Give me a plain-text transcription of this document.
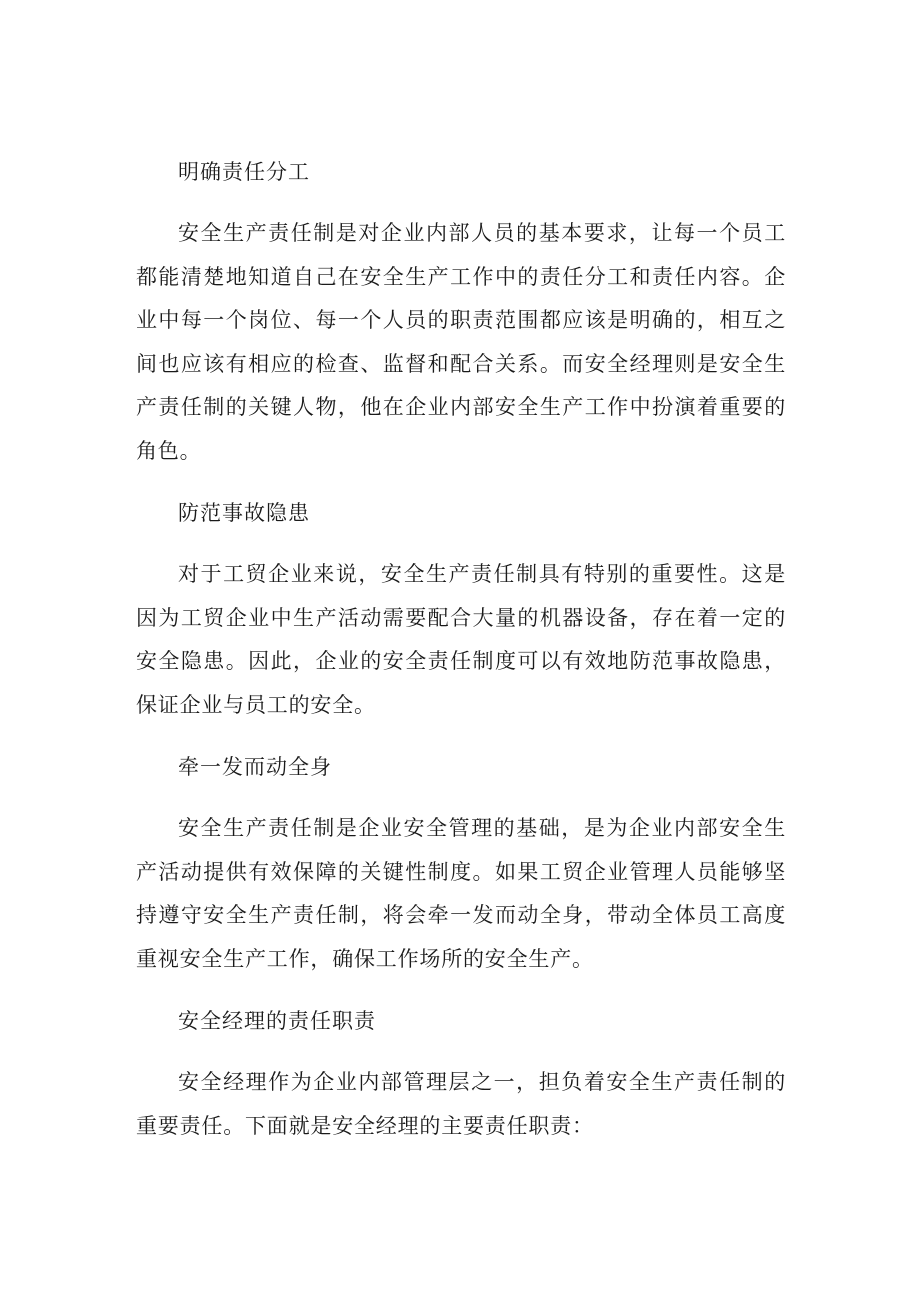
明确责任分工

安全生产责任制是对企业内部人员的基本要求，让每一个员工都能清楚地知道自己在安全生产工作中的责任分工和责任内容。企业中每一个岗位、每一个人员的职责范围都应该是明确的，相互之间也应该有相应的检查、监督和配合关系。而安全经理则是安全生产责任制的关键人物，他在企业内部安全生产工作中扮演着重要的角色。

防范事故隐患

对于工贸企业来说，安全生产责任制具有特别的重要性。这是因为工贸企业中生产活动需要配合大量的机器设备，存在着一定的安全隐患。因此，企业的安全责任制度可以有效地防范事故隐患，保证企业与员工的安全。

牵一发而动全身

安全生产责任制是企业安全管理的基础，是为企业内部安全生产活动提供有效保障的关键性制度。如果工贸企业管理人员能够坚持遵守安全生产责任制，将会牵一发而动全身，带动全体员工高度重视安全生产工作，确保工作场所的安全生产。

安全经理的责任职责

安全经理作为企业内部管理层之一，担负着安全生产责任制的重要责任。下面就是安全经理的主要责任职责：
